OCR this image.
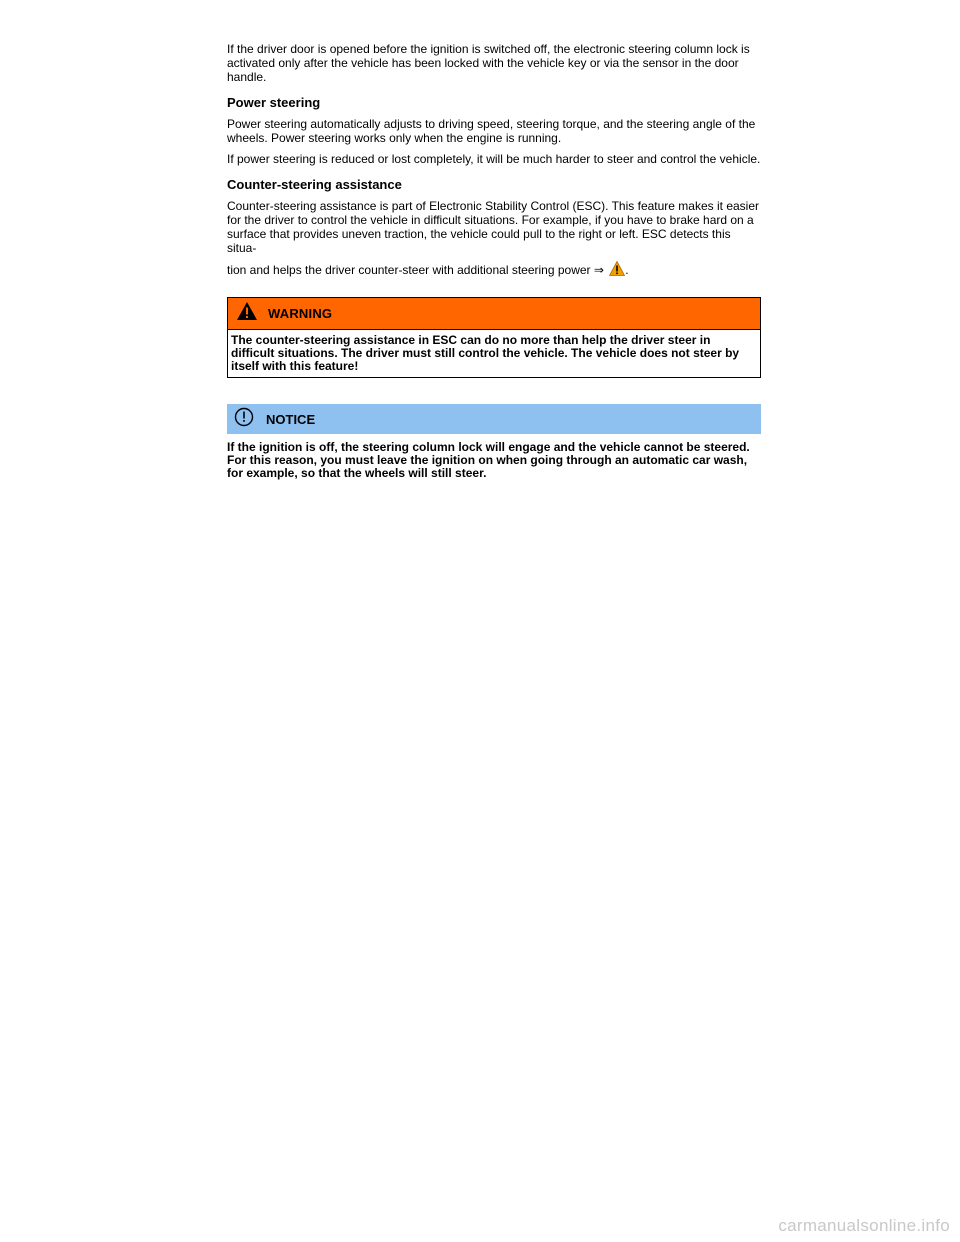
If the driver door is opened before the ignition is switched off, the electronic steering column lock is activated only after the vehicle has been locked with the vehicle key or via the sensor in the door handle.

Power steering

Power steering automatically adjusts to driving speed, steering torque, and the steering angle of the wheels. Power steering works only when the engine is running.

If power steering is reduced or lost completely, it will be much harder to steer and control the vehicle.

Counter-steering assistance

Counter-steering assistance is part of Electronic Stability Control (ESC). This feature makes it easier for the driver to control the vehicle in difficult situations. For example, if you have to brake hard on a surface that provides uneven traction, the vehicle could pull to the right or left. ESC detects this situa-

tion and helps the driver counter-steer with additional steering power ⇒ .
WARNING
The counter-steering assistance in ESC can do no more than help the driver steer in difficult situations. The driver must still control the vehicle. The vehicle does not steer by itself with this feature!
NOTICE
If the ignition is off, the steering column lock will engage and the vehicle cannot be steered. For this reason, you must leave the ignition on when going through an automatic car wash, for example, so that the wheels will still steer.
carmanualsonline.info
